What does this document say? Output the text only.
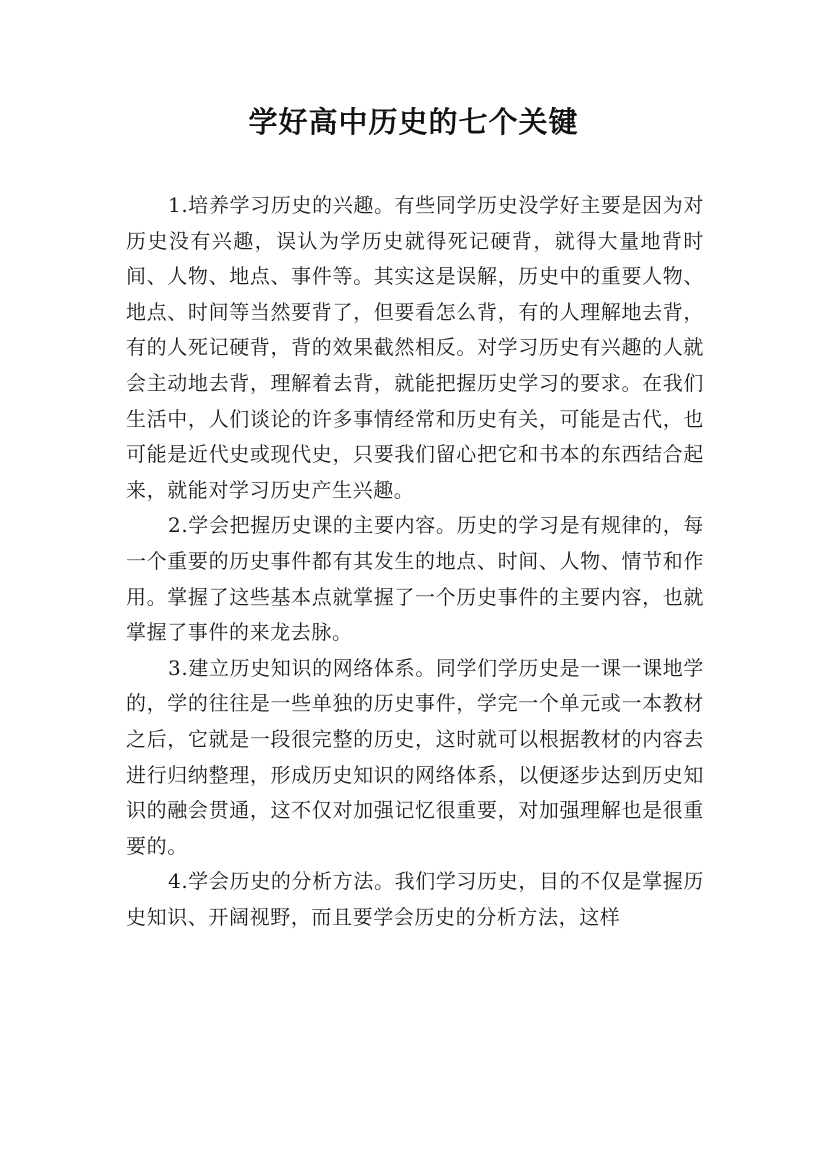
学好高中历史的七个关键

1.培养学习历史的兴趣。有些同学历史没学好主要是因为对历史没有兴趣，误认为学历史就得死记硬背，就得大量地背时间、人物、地点、事件等。其实这是误解，历史中的重要人物、地点、时间等当然要背了，但要看怎么背，有的人理解地去背，有的人死记硬背，背的效果截然相反。对学习历史有兴趣的人就会主动地去背，理解着去背，就能把握历史学习的要求。在我们生活中，人们谈论的许多事情经常和历史有关，可能是古代，也可能是近代史或现代史，只要我们留心把它和书本的东西结合起来，就能对学习历史产生兴趣。

2.学会把握历史课的主要内容。历史的学习是有规律的，每一个重要的历史事件都有其发生的地点、时间、人物、情节和作用。掌握了这些基本点就掌握了一个历史事件的主要内容，也就掌握了事件的来龙去脉。

3.建立历史知识的网络体系。同学们学历史是一课一课地学的，学的往往是一些单独的历史事件，学完一个单元或一本教材之后，它就是一段很完整的历史，这时就可以根据教材的内容去进行归纳整理，形成历史知识的网络体系，以便逐步达到历史知识的融会贯通，这不仅对加强记忆很重要，对加强理解也是很重要的。

4.学会历史的分析方法。我们学习历史，目的不仅是掌握历史知识、开阔视野，而且要学会历史的分析方法，这样
